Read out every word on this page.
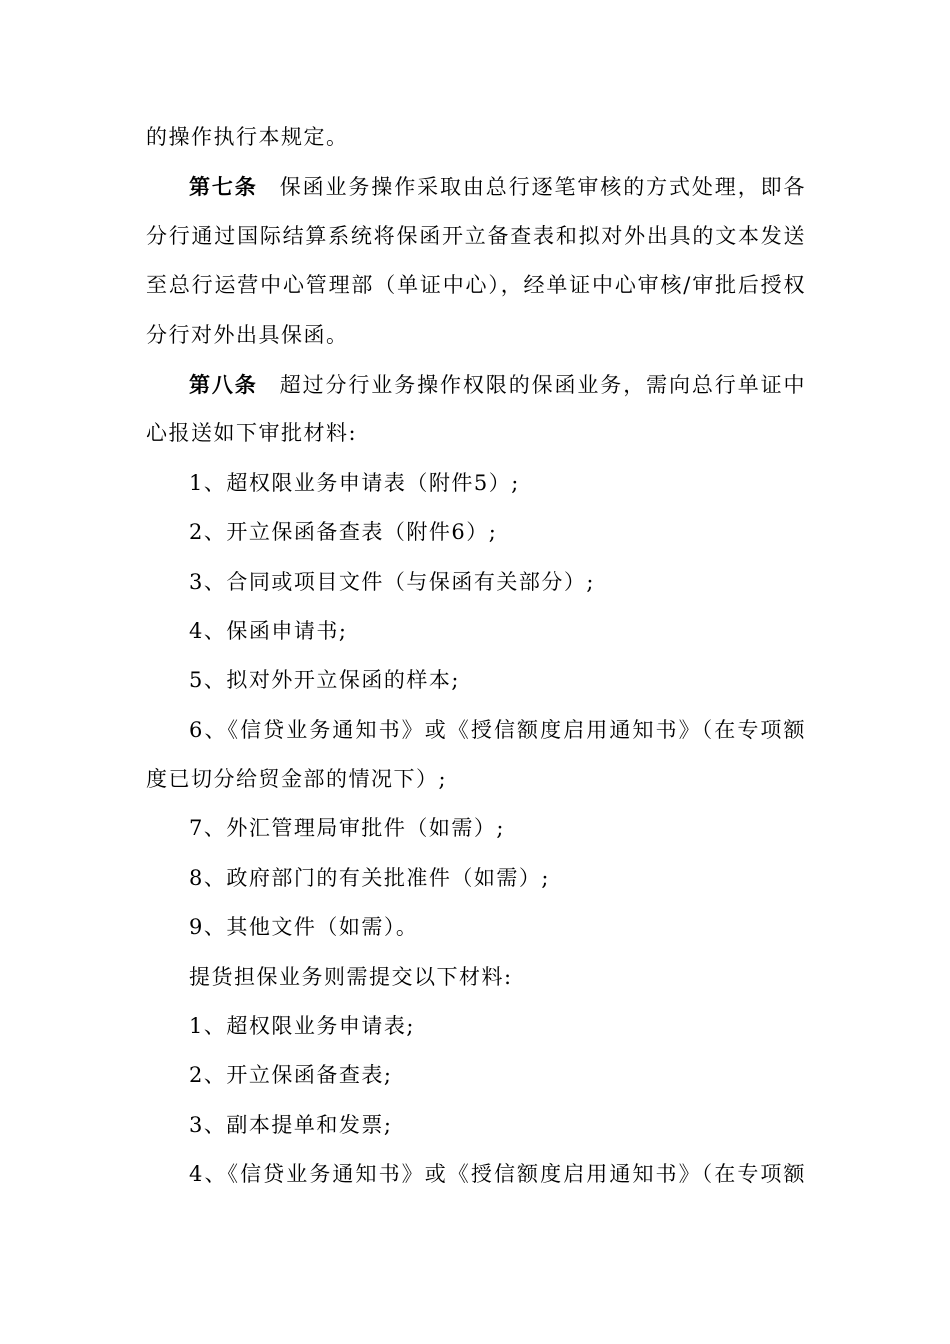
的操作执行本规定。
第七条 保函业务操作采取由总行逐笔审核的方式处理，即各
分行通过国际结算系统将保函开立备查表和拟对外出具的文本发送
至总行运营中心管理部（单证中心），经单证中心审核/审批后授权
分行对外出具保函。
第八条 超过分行业务操作权限的保函业务，需向总行单证中
心报送如下审批材料:
1、超权限业务申请表（附件5）;
2、开立保函备查表（附件6）;
3、合同或项目文件（与保函有关部分）;
4、保函申请书;
5、拟对外开立保函的样本;
6、《信贷业务通知书》或《授信额度启用通知书》（在专项额
度已切分给贸金部的情况下）;
7、外汇管理局审批件（如需）;
8、政府部门的有关批准件（如需）;
9、其他文件（如需）。
提货担保业务则需提交以下材料:
1、超权限业务申请表;
2、开立保函备查表;
3、副本提单和发票;
4、《信贷业务通知书》或《授信额度启用通知书》（在专项额
